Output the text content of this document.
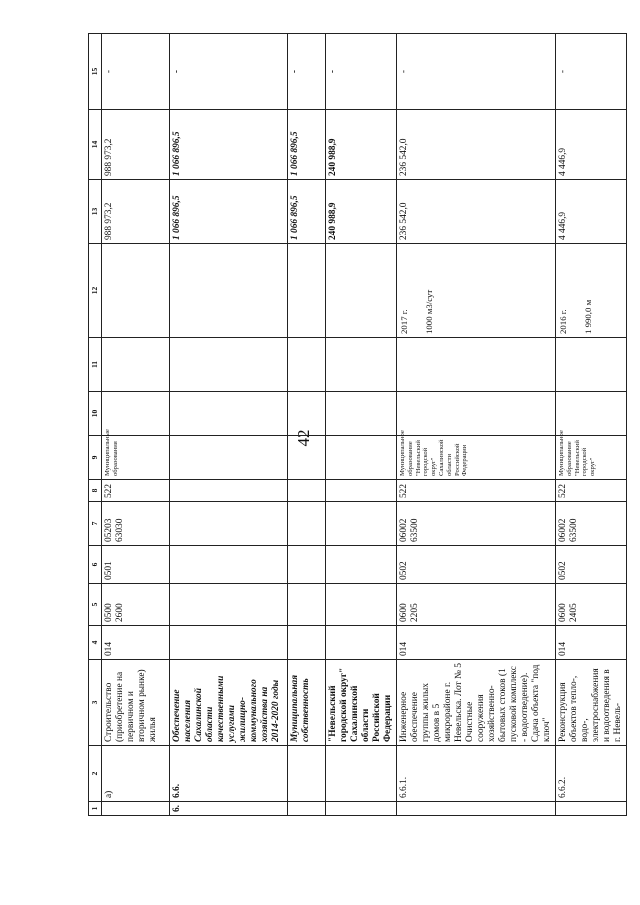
42
1	2	3	4	5	6	7	8	9	10	11	12	13	14	15
	а)	Строительство (приобретение на первичном и вторичном рынке) жилья	014	0500 2600	0501	05203 63030	522	Муниципальные образования				988 973,2	988 973,2	-
6.	6.6.	Обеспечение населения Сахалинской области качественными услугами жилищно-коммунального хозяйства на 2014-2020 годы										1 066 896,5	1 066 896,5	-
		Муниципальная собственность										1 066 896,5	1 066 896,5	-
		"Невельский городской округ" Сахалинской области Российской Федерации										240 988,9	240 988,9	-
	6.6.1.	Инженерное обеспечение группы жилых домов в 5 микрорайоне г. Невельска. Лот № 5 Очистные сооружения хозяйственно-бытовых стоков (1 пусковой комплекс - водоотведение). Сдача объекта "под ключ"	014	0600 2205	0502	06002 63500	522	Муниципальное образование "Невельский городской округ" Сахалинской области Российской Федерации			2017 г. 1000 м3/сут	236 542,0	236 542,0	-
	6.6.2.	Реконструкция объектов тепло-, водо-, электроснабжения и водоотведения в г. Невель-	014	0600 2405	0502	06002 63500	522	Муниципальное образование "Невельский городской округ"			2016 г. 1 990,0 м	4 446,9	4 446,9	-
